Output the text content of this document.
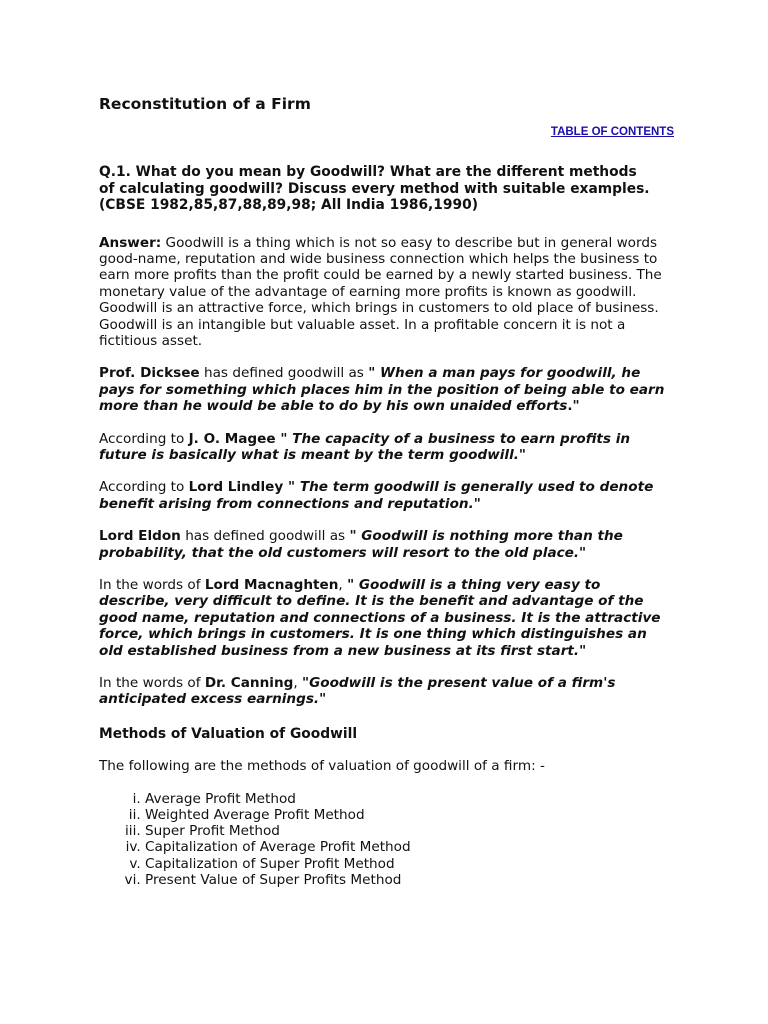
Reconstitution of a Firm
TABLE OF CONTENTS
Q.1. What do you mean by Goodwill? What are the different methods
of calculating goodwill? Discuss every method with suitable examples.
(CBSE 1982,85,87,88,89,98; All India 1986,1990)

Answer: Goodwill is a thing which is not so easy to describe but in general words good-name, reputation and wide business connection which helps the business to earn more profits than the profit could be earned by a newly started business. The monetary value of the advantage of earning more profits is known as goodwill. Goodwill is an attractive force, which brings in customers to old place of business. Goodwill is an intangible but valuable asset. In a profitable concern it is not a fictitious asset.

Prof. Dicksee has defined goodwill as " When a man pays for goodwill, he pays for something which places him in the position of being able to earn more than he would be able to do by his own unaided efforts."

According to J. O. Magee " The capacity of a business to earn profits in future is basically what is meant by the term goodwill."

According to Lord Lindley " The term goodwill is generally used to denote benefit arising from connections and reputation."

Lord Eldon has defined goodwill as " Goodwill is nothing more than the probability, that the old customers will resort to the old place."

In the words of Lord Macnaghten, " Goodwill is a thing very easy to describe, very difficult to define. It is the benefit and advantage of the good name, reputation and connections of a business. It is the attractive force, which brings in customers. It is one thing which distinguishes an old established business from a new business at its first start."

In the words of Dr. Canning, "Goodwill is the present value of a firm's anticipated excess earnings."

Methods of Valuation of Goodwill
The following are the methods of valuation of goodwill of a firm: -
i. Average Profit Method
ii. Weighted Average Profit Method
iii. Super Profit Method
iv. Capitalization of Average Profit Method
v. Capitalization of Super Profit Method
vi. Present Value of Super Profits Method
